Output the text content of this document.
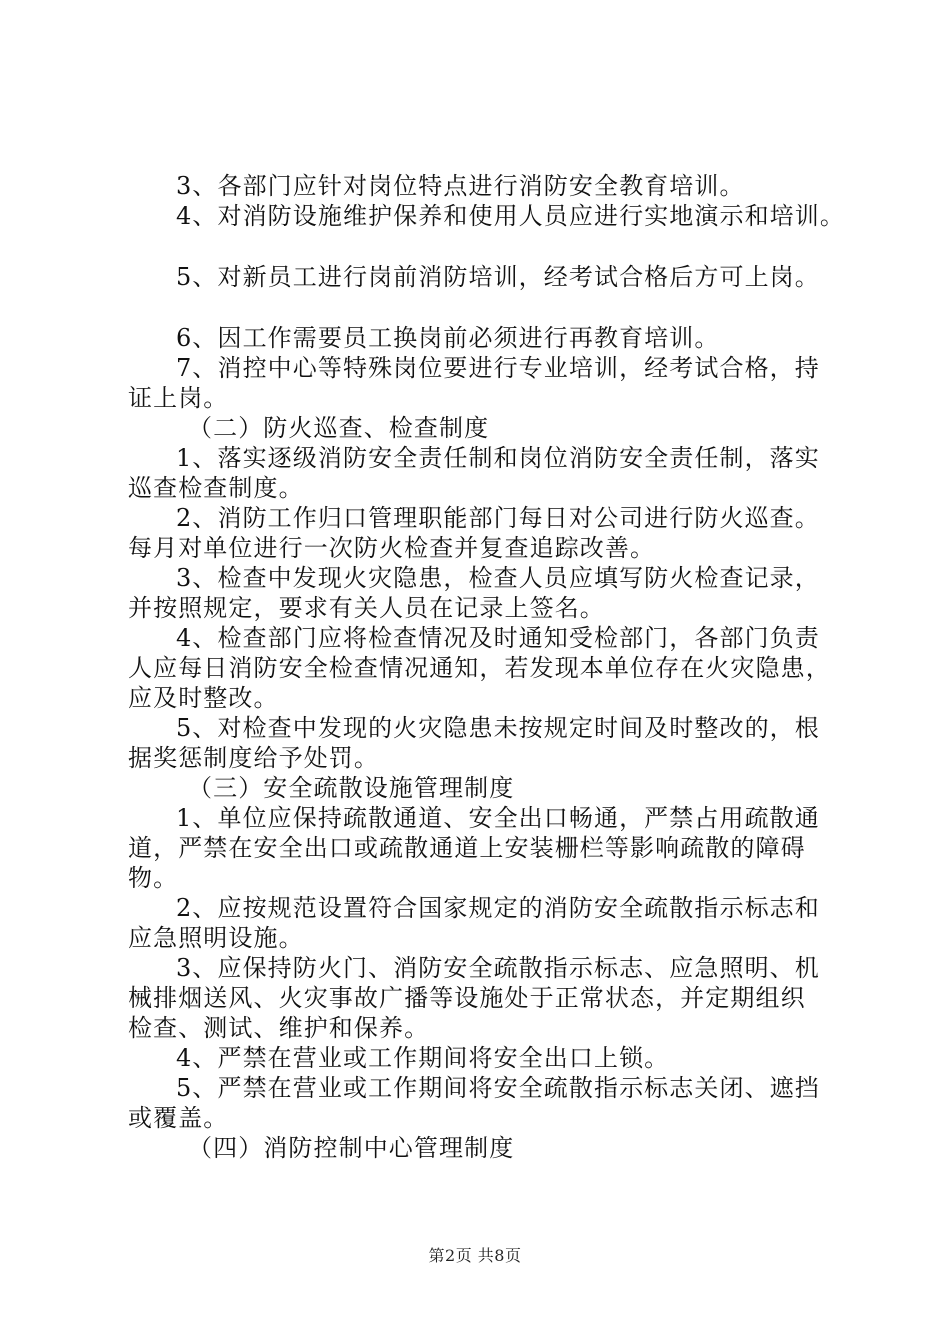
3、各部门应针对岗位特点进行消防安全教育培训。
4、对消防设施维护保养和使用人员应进行实地演示和培训。
5、对新员工进行岗前消防培训，经考试合格后方可上岗。
6、因工作需要员工换岗前必须进行再教育培训。
7、消控中心等特殊岗位要进行专业培训，经考试合格，持
证上岗。
（二）防火巡查、检查制度
1、落实逐级消防安全责任制和岗位消防安全责任制，落实
巡查检查制度。
2、消防工作归口管理职能部门每日对公司进行防火巡查。
每月对单位进行一次防火检查并复查追踪改善。
3、检查中发现火灾隐患，检查人员应填写防火检查记录，
并按照规定，要求有关人员在记录上签名。
4、检查部门应将检查情况及时通知受检部门，各部门负责
人应每日消防安全检查情况通知，若发现本单位存在火灾隐患，
应及时整改。
5、对检查中发现的火灾隐患未按规定时间及时整改的，根
据奖惩制度给予处罚。
（三）安全疏散设施管理制度
1、单位应保持疏散通道、安全出口畅通，严禁占用疏散通
道，严禁在安全出口或疏散通道上安装栅栏等影响疏散的障碍
物。
2、应按规范设置符合国家规定的消防安全疏散指示标志和
应急照明设施。
3、应保持防火门、消防安全疏散指示标志、应急照明、机
械排烟送风、火灾事故广播等设施处于正常状态，并定期组织
检查、测试、维护和保养。
4、严禁在营业或工作期间将安全出口上锁。
5、严禁在营业或工作期间将安全疏散指示标志关闭、遮挡
或覆盖。
（四）消防控制中心管理制度
第2页 共8页
